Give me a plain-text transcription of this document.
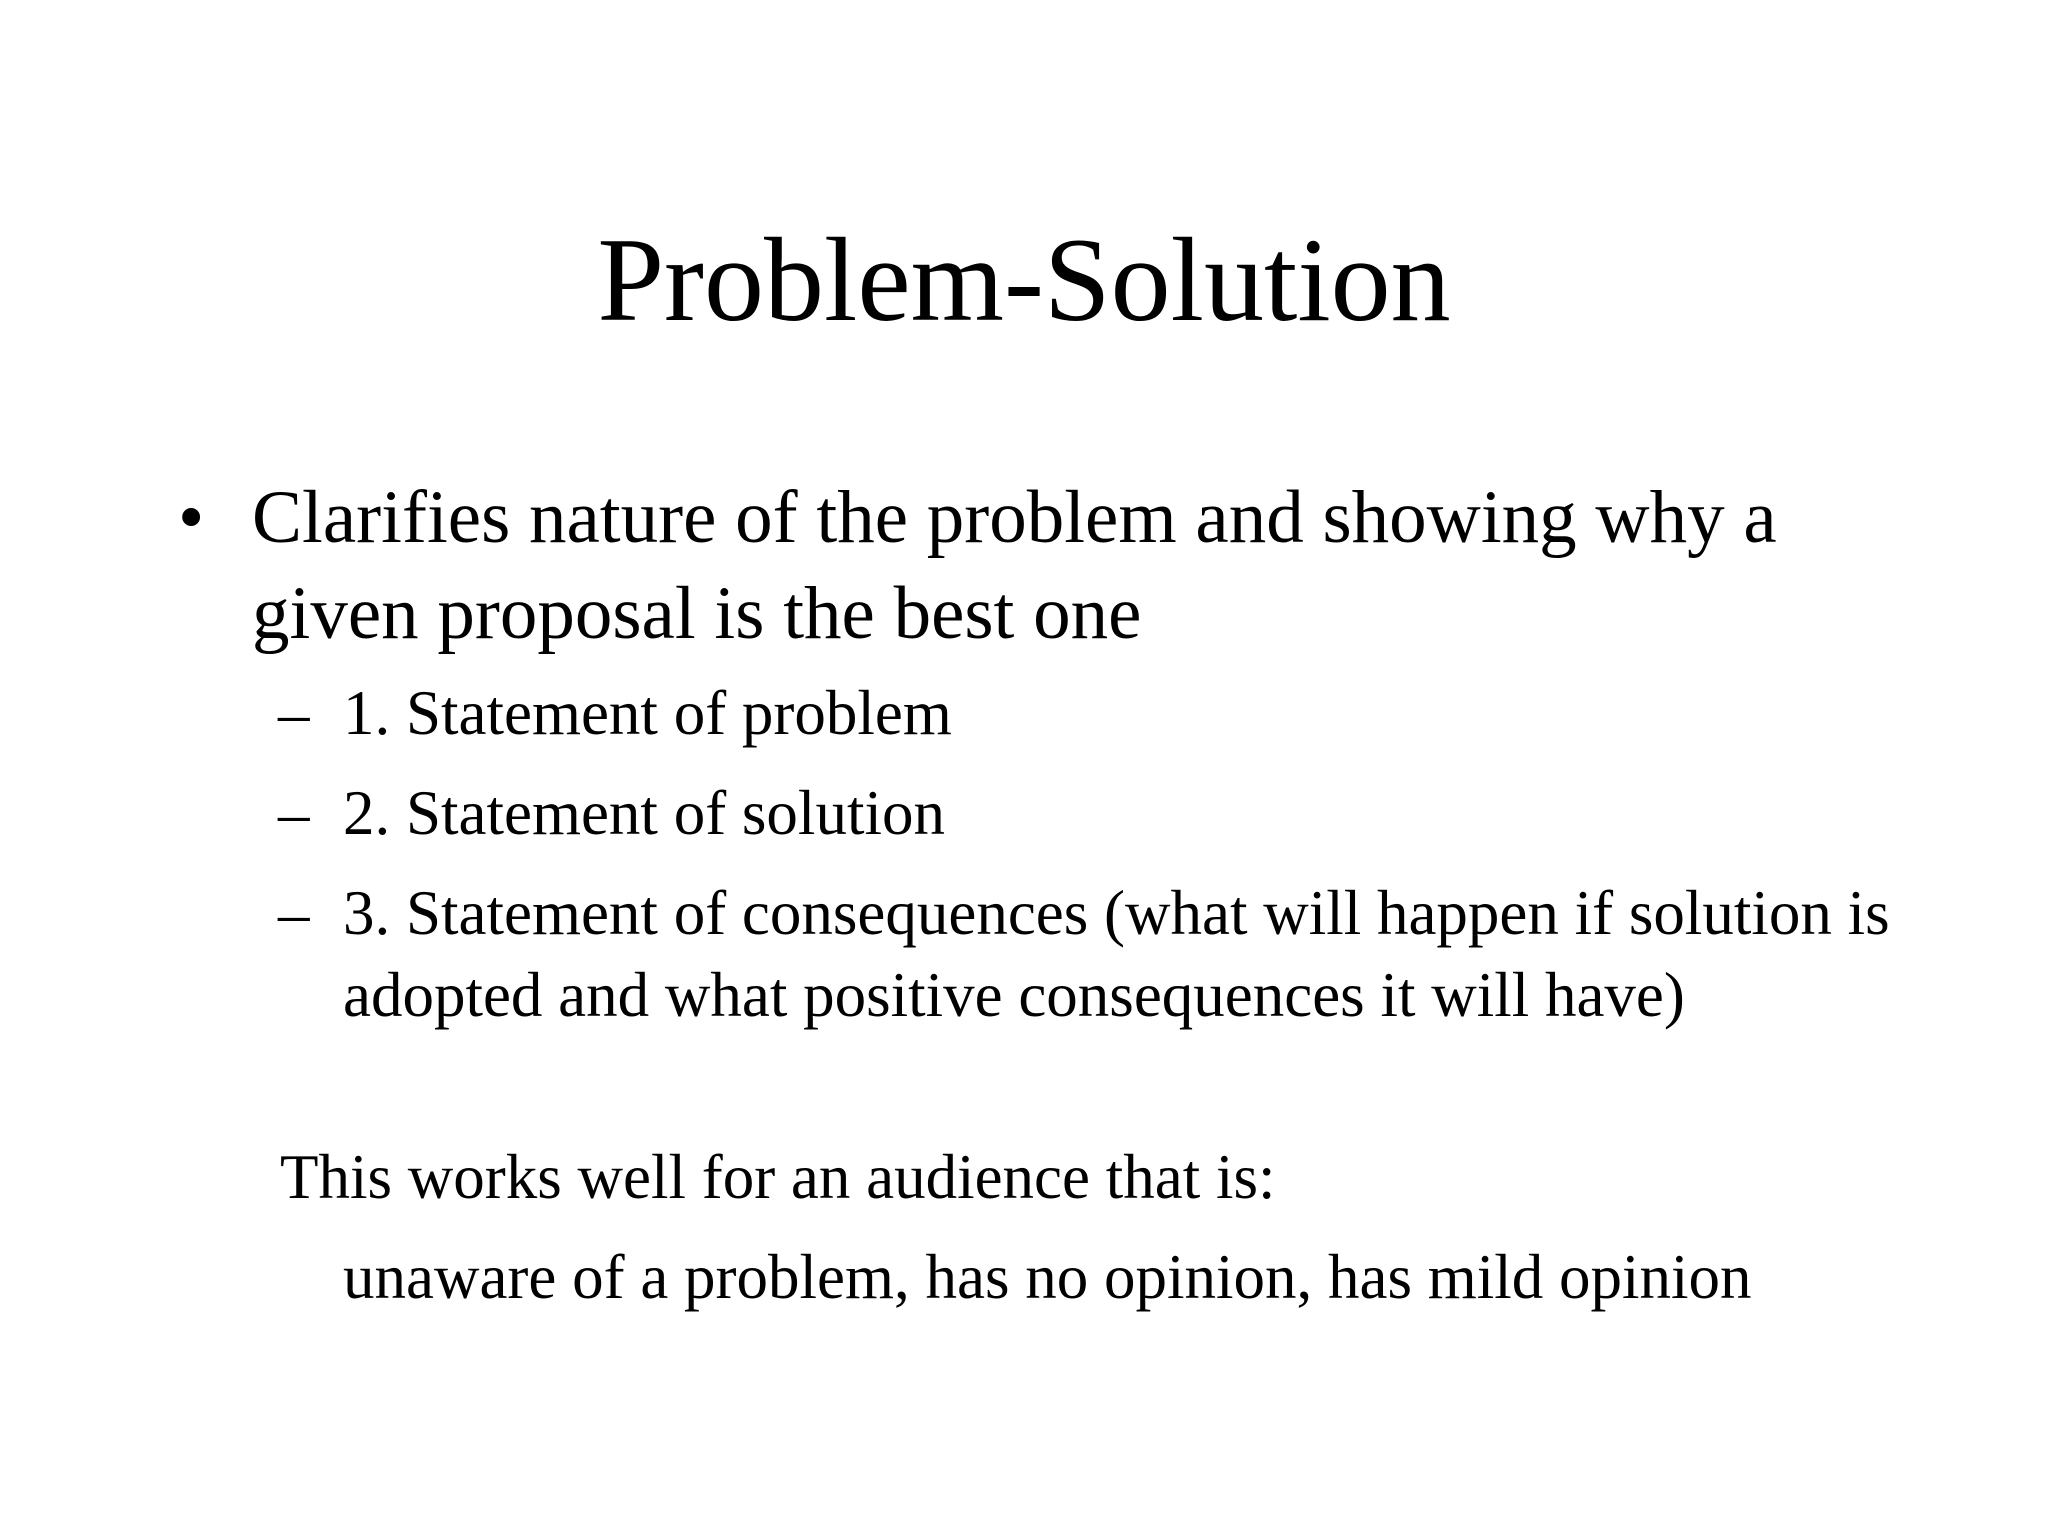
Problem-Solution
• Clarifies nature of the problem and showing why a given proposal is the best one
– 1. Statement of problem
– 2. Statement of solution
– 3. Statement of consequences (what will happen if solution is adopted and what positive consequences it will have)
This works well for an audience that is:
unaware of a problem, has no opinion, has mild opinion
